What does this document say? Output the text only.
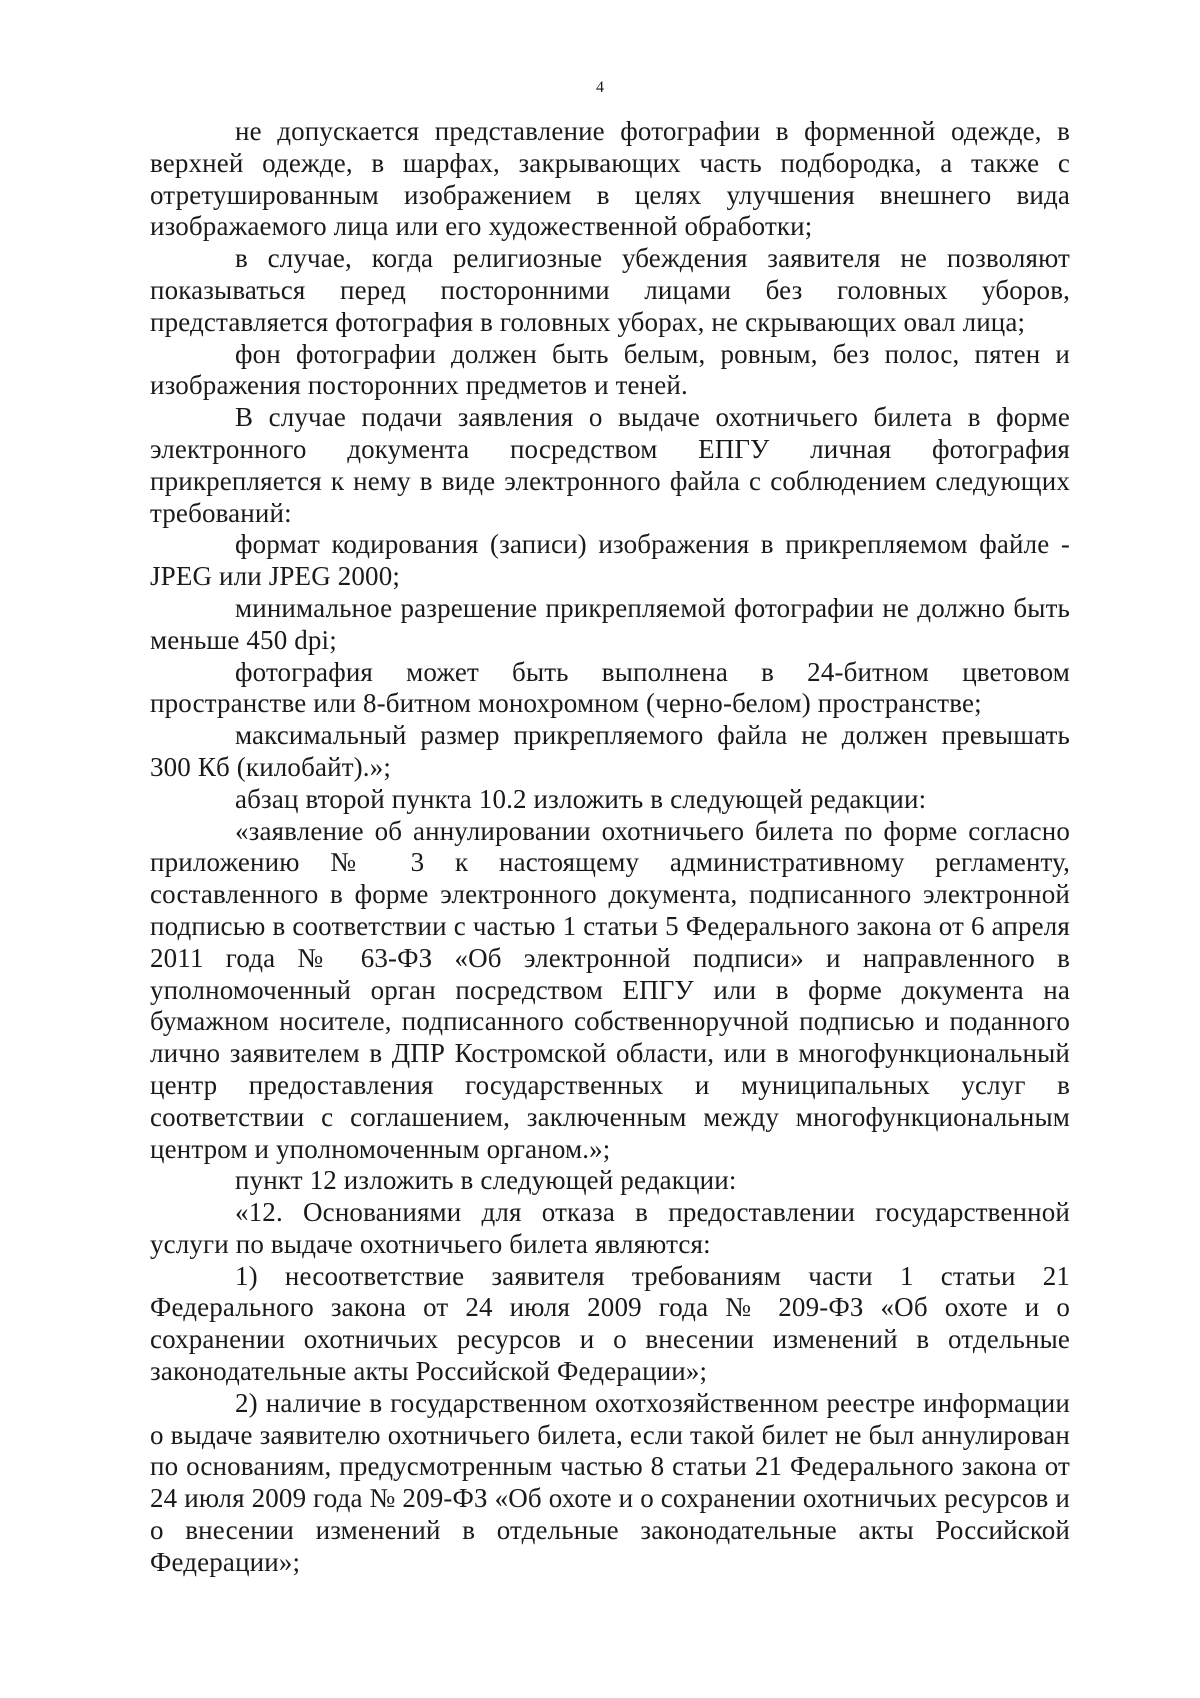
4

не допускается представление фотографии в форменной одежде, в верхней одежде, в шарфах, закрывающих часть подбородка, а также с отретушированным изображением в целях улучшения внешнего вида изображаемого лица или его художественной обработки;

в случае, когда религиозные убеждения заявителя не позволяют показываться перед посторонними лицами без головных уборов, представляется фотография в головных уборах, не скрывающих овал лица;

фон фотографии должен быть белым, ровным, без полос, пятен и изображения посторонних предметов и теней.

В случае подачи заявления о выдаче охотничьего билета в форме электронного документа посредством ЕПГУ личная фотография прикрепляется к нему в виде электронного файла с соблюдением следующих требований:

формат кодирования (записи) изображения в прикрепляемом файле - JPEG или JPEG 2000;

минимальное разрешение прикрепляемой фотографии не должно быть меньше 450 dpi;

фотография может быть выполнена в 24-битном цветовом пространстве или 8-битном монохромном (черно-белом) пространстве;

максимальный размер прикрепляемого файла не должен превышать 300 Кб (килобайт).»;

абзац второй пункта 10.2 изложить в следующей редакции:

«заявление об аннулировании охотничьего билета по форме согласно приложению № 3 к настоящему административному регламенту, составленного в форме электронного документа, подписанного электронной подписью в соответствии с частью 1 статьи 5 Федерального закона от 6 апреля 2011 года № 63-ФЗ «Об электронной подписи» и направленного в уполномоченный орган посредством ЕПГУ или в форме документа на бумажном носителе, подписанного собственноручной подписью и поданного лично заявителем в ДПР Костромской области, или в многофункциональный центр предоставления государственных и муниципальных услуг в соответствии с соглашением, заключенным между многофункциональным центром и уполномоченным органом.»;

пункт 12 изложить в следующей редакции:

«12. Основаниями для отказа в предоставлении государственной услуги по выдаче охотничьего билета являются:

1) несоответствие заявителя требованиям части 1 статьи 21 Федерального закона от 24 июля 2009 года № 209-ФЗ «Об охоте и о сохранении охотничьих ресурсов и о внесении изменений в отдельные законодательные акты Российской Федерации»;

2) наличие в государственном охотхозяйственном реестре информации о выдаче заявителю охотничьего билета, если такой билет не был аннулирован по основаниям, предусмотренным частью 8 статьи 21 Федерального закона от 24 июля 2009 года № 209-ФЗ «Об охоте и о сохранении охотничьих ресурсов и о внесении изменений в отдельные законодательные акты Российской Федерации»;
